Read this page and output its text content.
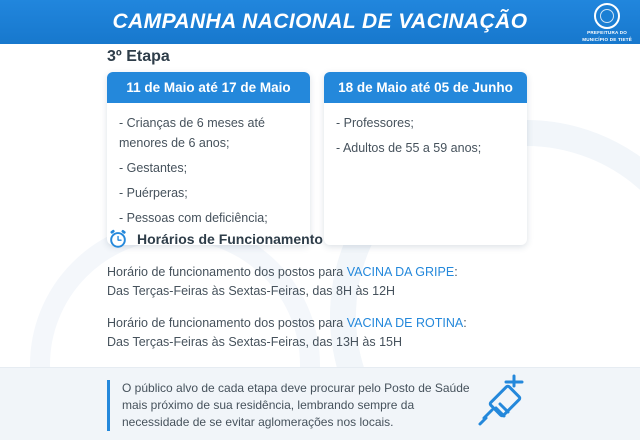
CAMPANHA NACIONAL DE VACINAÇÃO	PREFEITURA DO
MUNICÍPIO DE TIETÊ
3º Etapa
11 de Maio até 17 de Maio
- Crianças de 6 meses até menores de 6 anos;
- Gestantes;
- Puérperas;
- Pessoas com deficiência;
18 de Maio até 05 de Junho
- Professores;
- Adultos de 55 a 59 anos;
Horários de Funcionamento
Horário de funcionamento dos postos para VACINA DA GRIPE:
Das Terças-Feiras às Sextas-Feiras, das 8H às 12H
Horário de funcionamento dos postos para VACINA DE ROTINA:
Das Terças-Feiras às Sextas-Feiras, das 13H às 15H
O público alvo de cada etapa deve procurar pelo Posto de Saúde mais próximo de sua residência, lembrando sempre da necessidade de se evitar aglomerações nos locais.
